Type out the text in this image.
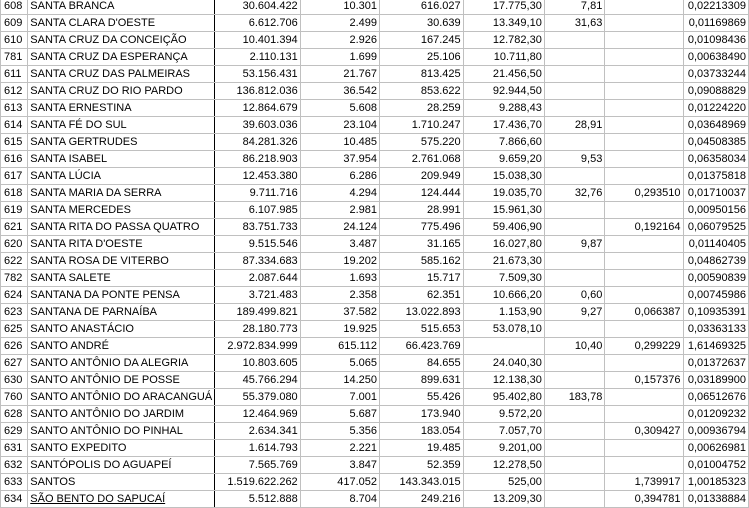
608	SANTA BRANCA	30.604.422	10.301	616.027	17.775,30	7,81		0,02213309
609	SANTA CLARA D'OESTE	6.612.706	2.499	30.639	13.349,10	31,63		0,01169869
610	SANTA CRUZ DA CONCEIÇÃO	10.401.394	2.926	167.245	12.782,30			0,01098436
781	SANTA CRUZ DA ESPERANÇA	2.110.131	1.699	25.106	10.711,80			0,00638490
611	SANTA CRUZ DAS PALMEIRAS	53.156.431	21.767	813.425	21.456,50			0,03733244
612	SANTA CRUZ DO RIO PARDO	136.812.036	36.542	853.622	92.944,50			0,09088829
613	SANTA ERNESTINA	12.864.679	5.608	28.259	9.288,43			0,01224220
614	SANTA FÉ DO SUL	39.603.036	23.104	1.710.247	17.436,70	28,91		0,03648969
615	SANTA GERTRUDES	84.281.326	10.485	575.220	7.866,60			0,04508385
616	SANTA ISABEL	86.218.903	37.954	2.761.068	9.659,20	9,53		0,06358034
617	SANTA LÚCIA	12.453.380	6.286	209.949	15.038,30			0,01375818
618	SANTA MARIA DA SERRA	9.711.716	4.294	124.444	19.035,70	32,76	0,293510	0,01710037
619	SANTA MERCEDES	6.107.985	2.981	28.991	15.961,30			0,00950156
621	SANTA RITA DO PASSA QUATRO	83.751.733	24.124	775.496	59.406,90		0,192164	0,06079525
620	SANTA RITA D'OESTE	9.515.546	3.487	31.165	16.027,80	9,87		0,01140405
622	SANTA ROSA DE VITERBO	87.334.683	19.202	585.162	21.673,30			0,04862739
782	SANTA SALETE	2.087.644	1.693	15.717	7.509,30			0,00590839
624	SANTANA DA PONTE PENSA	3.721.483	2.358	62.351	10.666,20	0,60		0,00745986
623	SANTANA DE PARNAÍBA	189.499.821	37.582	13.022.893	1.153,90	9,27	0,066387	0,10935391
625	SANTO ANASTÁCIO	28.180.773	19.925	515.653	53.078,10			0,03363133
626	SANTO ANDRÉ	2.972.834.999	615.112	66.423.769		10,40	0,299229	1,61469325
627	SANTO ANTÔNIO DA ALEGRIA	10.803.605	5.065	84.655	24.040,30			0,01372637
630	SANTO ANTÔNIO DE POSSE	45.766.294	14.250	899.631	12.138,30		0,157376	0,03189900
760	SANTO ANTÔNIO DO ARACANGUÁ	55.379.080	7.001	55.426	95.402,80	183,78		0,06512676
628	SANTO ANTÔNIO DO JARDIM	12.464.969	5.687	173.940	9.572,20			0,01209232
629	SANTO ANTÔNIO DO PINHAL	2.634.341	5.356	183.054	7.057,70		0,309427	0,00936794
631	SANTO EXPEDITO	1.614.793	2.221	19.485	9.201,00			0,00626981
632	SANTÓPOLIS DO AGUAPEÍ	7.565.769	3.847	52.359	12.278,50			0,01004752
633	SANTOS	1.519.622.262	417.052	143.343.015	525,00		1,739917	1,00185323
634	SÃO BENTO DO SAPUCAÍ	5.512.888	8.704	249.216	13.209,30		0,394781	0,01338884
